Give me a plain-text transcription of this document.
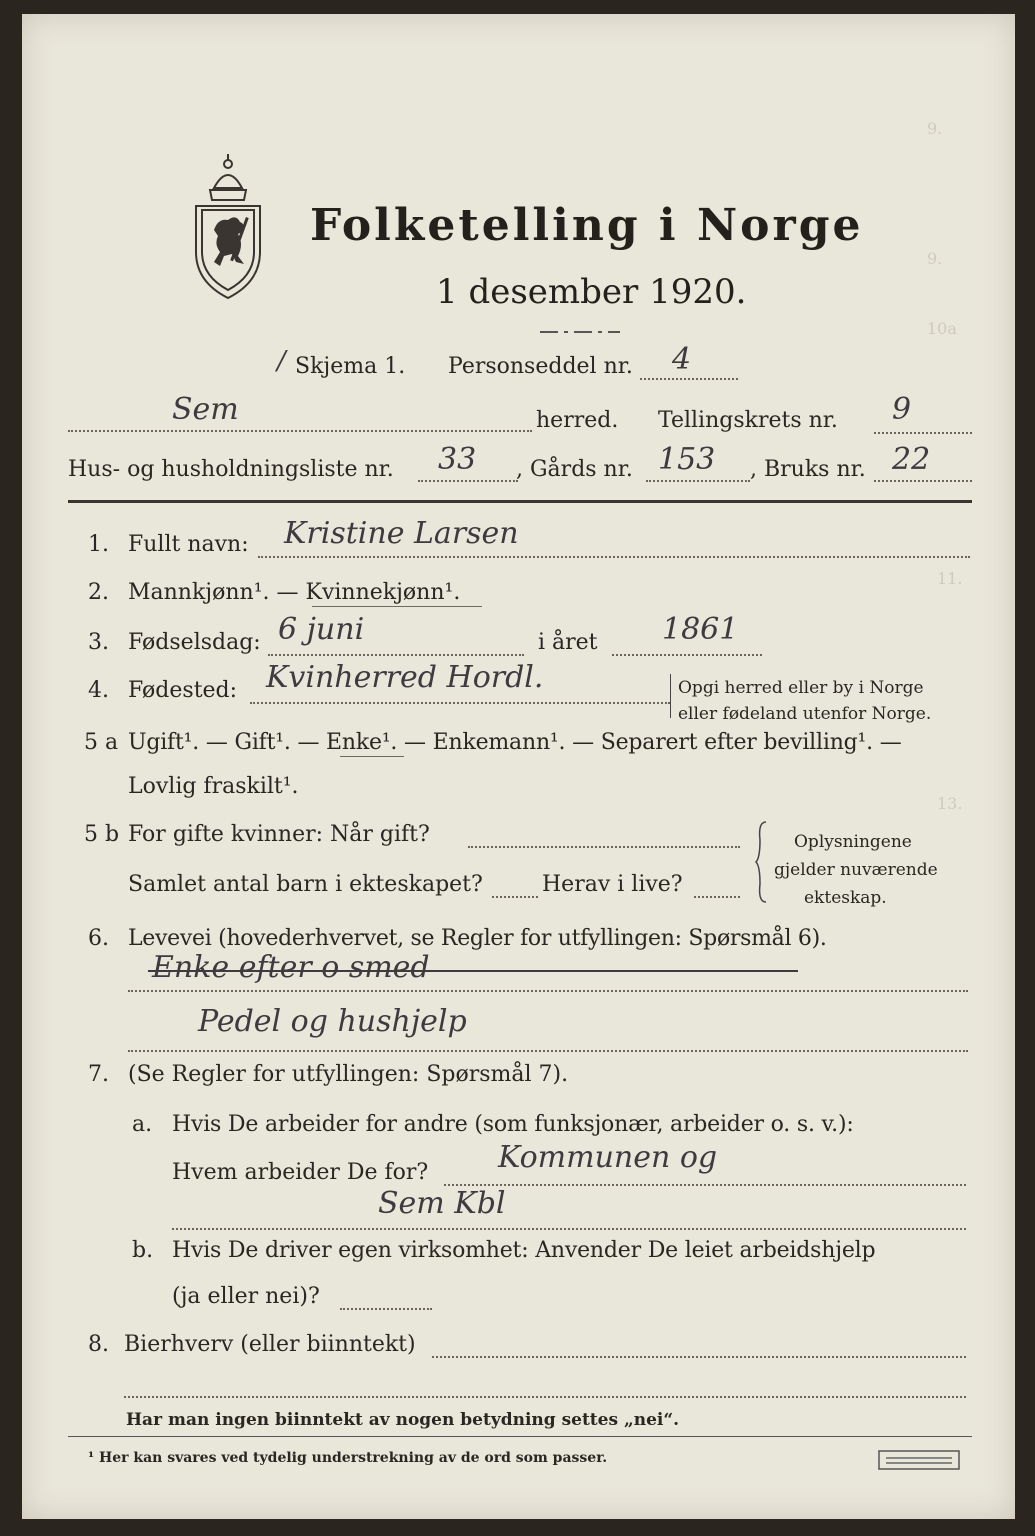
9.
9.
10a
11.
13.
Folketelling i Norge
1 desember 1920.
/ Skjema 1. Personseddel nr. 4
Sem	herred. Tellingskrets nr. 9
Hus- og husholdningsliste nr. 33 , Gårds nr. 153 , Bruks nr. 22
1. Fullt navn: Kristine Larsen
2. Mannkjønn¹. — Kvinnekjønn¹.
3. Fødselsdag: 6 juni	i året 1861
4. Fødested: Kvinherred Hordl.	Opgi herred eller by i Norge
eller fødeland utenfor Norge.
5 a Ugift¹. — Gift¹. — Enke¹. — Enkemann¹. — Separert efter bevilling¹. —
Lovlig fraskilt¹.
5 b For gifte kvinner: Når gift?
Samlet antal barn i ekteskapet?	Herav i live?
Oplysningene
gjelder nuværende
ekteskap.
6. Levevei (hovederhvervet, se Regler for utfyllingen: Spørsmål 6).
Enke efter o smed
Pedel og hushjelp
7. (Se Regler for utfyllingen: Spørsmål 7).
a. Hvis De arbeider for andre (som funksjonær, arbeider o. s. v.):
Hvem arbeider De for? Kommunen og
Sem Kbl
b. Hvis De driver egen virksomhet: Anvender De leiet arbeidshjelp
(ja eller nei)?
8. Bierhverv (eller biinntekt)
Har man ingen biinntekt av nogen betydning settes „nei“.
¹ Her kan svares ved tydelig understrekning av de ord som passer.
